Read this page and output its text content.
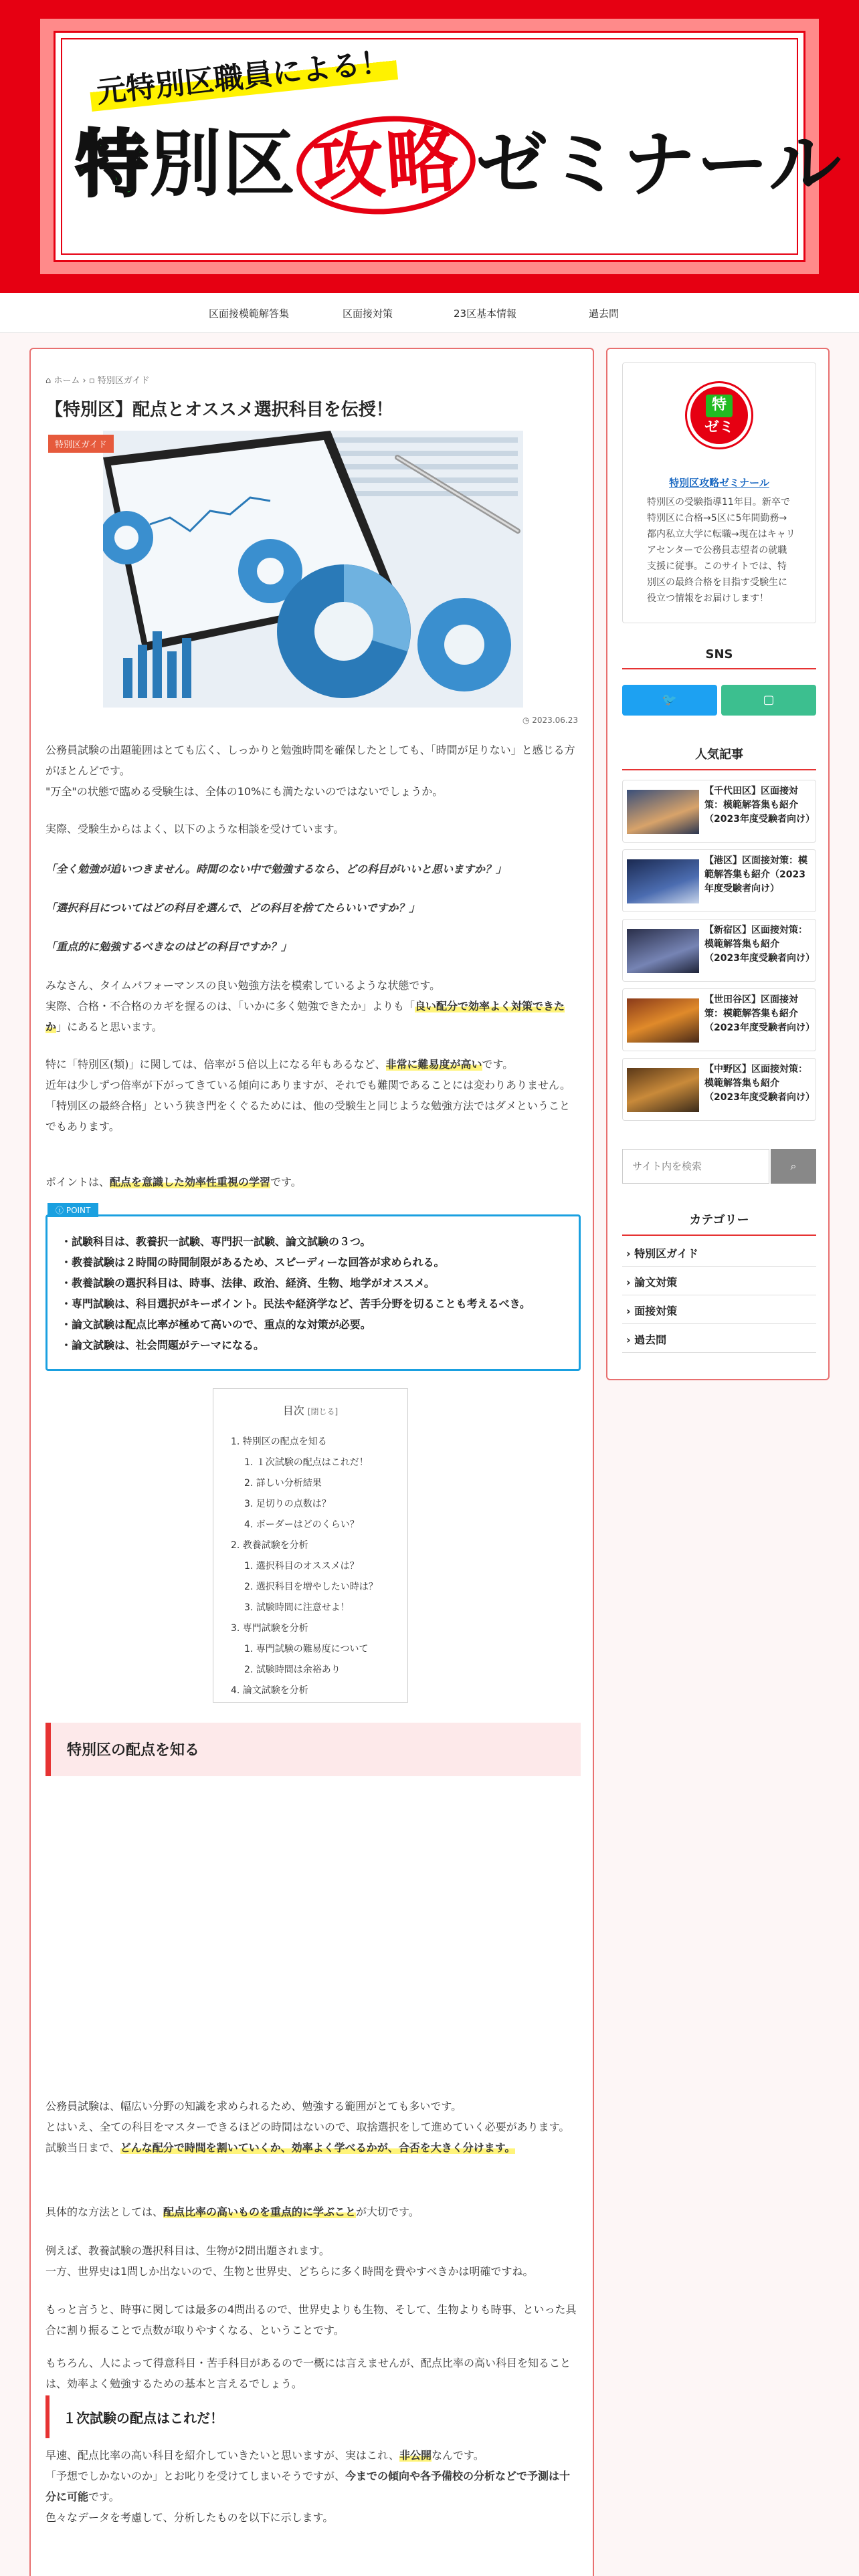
元特別区職員による！
特別区 攻略 ゼミナール
区面接模範解答集	区面接対策	23区基本情報	過去問
⌂ ホーム › ▫ 特別区ガイド
【特別区】配点とオススメ選択科目を伝授！
特別区ガイド
◷ 2023.06.23
公務員試験の出題範囲はとても広く、しっかりと勉強時間を確保したとしても、「時間が足りない」と感じる方がほとんどです。
"万全"の状態で臨める受験生は、全体の10%にも満たないのではないでしょうか。
実際、受験生からはよく、以下のような相談を受けています。
「全く勉強が追いつきません。時間のない中で勉強するなら、どの科目がいいと思いますか？」
「選択科目についてはどの科目を選んで、どの科目を捨てたらいいですか？」
「重点的に勉強するべきなのはどの科目ですか？」
みなさん、タイムパフォーマンスの良い勉強方法を模索しているような状態です。
実際、合格・不合格のカギを握るのは、「いかに多く勉強できたか」よりも「良い配分で効率よく対策できたか」にあると思います。
特に「特別区(類)」に関しては、倍率が５倍以上になる年もあるなど、非常に難易度が高いです。
近年は少しずつ倍率が下がってきている傾向にありますが、それでも難関であることには変わりありません。
「特別区の最終合格」という狭き門をくぐるためには、他の受験生と同じような勉強方法ではダメということでもあります。
ポイントは、配点を意識した効率性重視の学習です。
ⓘ POINT
・ 試験科目は、教養択一試験、専門択一試験、論文試験の３つ。
・ 教養試験は２時間の時間制限があるため、スピーディーな回答が求められる。
・ 教養試験の選択科目は、時事、法律、政治、経済、生物、地学がオススメ。
・ 専門試験は、科目選択がキーポイント。民法や経済学など、苦手分野を切ることも考えるべき。
・ 論文試験は配点比率が極めて高いので、重点的な対策が必要。
・ 論文試験は、社会問題がテーマになる。
目次 [閉じる]
1. 特別区の配点を知る
1. １次試験の配点はこれだ！
2. 詳しい分析結果
3. 足切りの点数は？
4. ボーダーはどのくらい？
2. 教養試験を分析
1. 選択科目のオススメは？
2. 選択科目を増やしたい時は？
3. 試験時間に注意せよ！
3. 専門試験を分析
1. 専門試験の難易度について
2. 試験時間は余裕あり
4. 論文試験を分析
特別区の配点を知る
公務員試験は、幅広い分野の知識を求められるため、勉強する範囲がとても多いです。
とはいえ、全ての科目をマスターできるほどの時間はないので、取捨選択をして進めていく必要があります。
試験当日まで、どんな配分で時間を割いていくか、効率よく学べるかが、合否を大きく分けます。
具体的な方法としては、配点比率の高いものを重点的に学ぶことが大切です。
例えば、教養試験の選択科目は、生物が2問出題されます。
一方、世界史は1問しか出ないので、生物と世界史、どちらに多く時間を費やすべきかは明確ですね。
もっと言うと、時事に関しては最多の4問出るので、世界史よりも生物、そして、生物よりも時事、といった具合に割り振ることで点数が取りやすくなる、ということです。
１次試験の配点はこれだ！
もちろん、人によって得意科目・苦手科目があるので一概には言えませんが、配点比率の高い科目を知ることは、効率よく勉強するための基本と言えるでしょう。
早速、配点比率の高い科目を紹介していきたいと思いますが、実はこれ、非公開なんです。
「予想でしかないのか」とお叱りを受けてしまいそうですが、今までの傾向や各予備校の分析などで予測は十分に可能です。
色々なデータを考慮して、分析したものを以下に示します。
特
ゼミ
特別区攻略ゼミナール
特別区の受験指導11年目。新卒で特別区に合格→5区に5年間勤務→都内私立大学に転職→現在はキャリアセンターで公務員志望者の就職支援に従事。このサイトでは、特別区の最終合格を目指す受験生に役立つ情報をお届けします！
SNS
🐦	▢
人気記事
【千代田区】区面接対策：模範解答集も紹介（2023年度受験者向け）
【港区】区面接対策：模範解答集も紹介（2023年度受験者向け）
【新宿区】区面接対策：模範解答集も紹介（2023年度受験者向け）
【世田谷区】区面接対策：模範解答集も紹介（2023年度受験者向け）
【中野区】区面接対策：模範解答集も紹介（2023年度受験者向け）
サイト内を検索
⌕
カテゴリー
› 特別区ガイド
› 論文対策
› 面接対策
› 過去問
